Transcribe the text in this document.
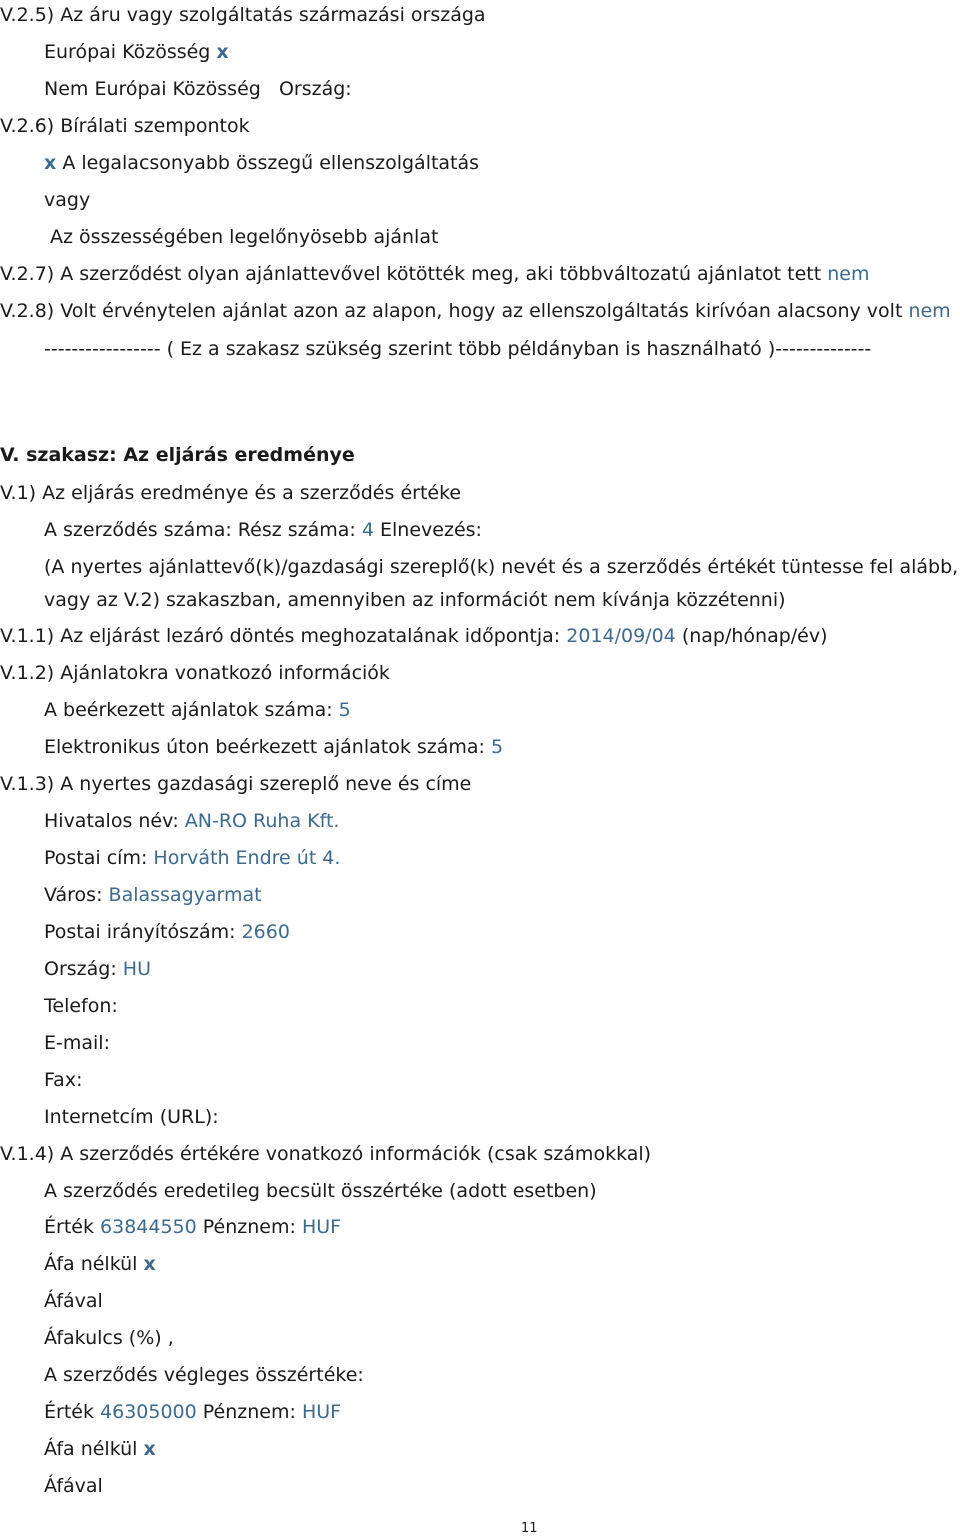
V.2.5) Az áru vagy szolgáltatás származási országa
Európai Közösség x
Nem Európai Közösség Ország:
V.2.6) Bírálati szempontok
x A legalacsonyabb összegű ellenszolgáltatás
vagy
Az összességében legelőnyösebb ajánlat
V.2.7) A szerződést olyan ajánlattevővel kötötték meg, aki többváltozatú ajánlatot tett nem
V.2.8) Volt érvénytelen ajánlat azon az alapon, hogy az ellenszolgáltatás kirívóan alacsony volt nem
----------------- ( Ez a szakasz szükség szerint több példányban is használható )--------------
V. szakasz: Az eljárás eredménye
V.1) Az eljárás eredménye és a szerződés értéke
A szerződés száma: Rész száma: 4 Elnevezés:
(A nyertes ajánlattevő(k)/gazdasági szereplő(k) nevét és a szerződés értékét tüntesse fel alább,
vagy az V.2) szakaszban, amennyiben az információt nem kívánja közzétenni)
V.1.1) Az eljárást lezáró döntés meghozatalának időpontja: 2014/09/04 (nap/hónap/év)
V.1.2) Ajánlatokra vonatkozó információk
A beérkezett ajánlatok száma: 5
Elektronikus úton beérkezett ajánlatok száma: 5
V.1.3) A nyertes gazdasági szereplő neve és címe
Hivatalos név: AN-RO Ruha Kft.
Postai cím: Horváth Endre út 4.
Város: Balassagyarmat
Postai irányítószám: 2660
Ország: HU
Telefon:
E-mail:
Fax:
Internetcím (URL):
V.1.4) A szerződés értékére vonatkozó információk (csak számokkal)
A szerződés eredetileg becsült összértéke (adott esetben)
Érték 63844550 Pénznem: HUF
Áfa nélkül x
Áfával
Áfakulcs (%) ,
A szerződés végleges összértéke:
Érték 46305000 Pénznem: HUF
Áfa nélkül x
Áfával
11
